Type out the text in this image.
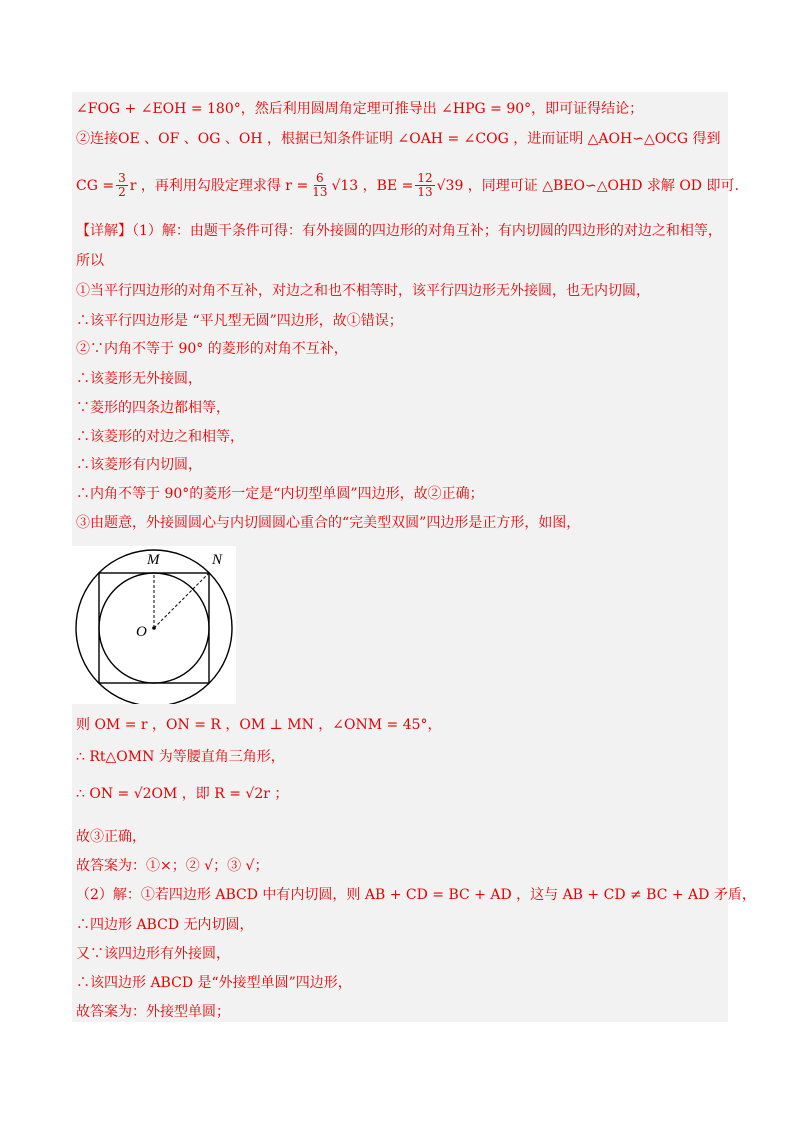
∠FOG + ∠EOH = 180°，然后利用圆周角定理可推导出 ∠HPG = 90°，即可证得结论；
②连接OE 、OF 、OG 、OH ，根据已知条件证明 ∠OAH = ∠COG ，进而证明 △AOH∽△OCG 得到
CG = $\frac{3}{2}$ r ，再利用勾股定理求得 $r = \frac{6}{13} √13$ ，BE = $\frac{12}{13} √39$ ，同理可证 △BEO∽△OHD 求解 OD 即可.
【详解】（1）解：由题干条件可得：有外接圆的四边形的对角互补；有内切圆的四边形的对边之和相等，
所以
①当平行四边形的对角不互补，对边之和也不相等时，该平行四边形无外接圆，也无内切圆，
∴该平行四边形是 “平凡型无圆”四边形，故①错误；
②∵内角不等于 90° 的菱形的对角不互补，
∴该菱形无外接圆，
∵菱形的四条边都相等，
∴该菱形的对边之和相等，
∴该菱形有内切圆，
∴内角不等于 90°的菱形一定是“内切型单圆”四边形，故②正确；
③由题意，外接圆圆心与内切圆圆心重合的“完美型双圆”四边形是正方形，如图，
M	N
O
则 OM = r ，ON = R ，OM ⊥ MN ，∠ONM = 45°，
∴ Rt△OMN 为等腰直角三角形，
∴ ON = √2OM ，即 R = √2r ；
故③正确，
故答案为：①×；② √；③ √；
（2）解：①若四边形 ABCD 中有内切圆，则 AB + CD = BC + AD ，这与 AB + CD ≠ BC + AD 矛盾，
∴四边形 ABCD 无内切圆，
又∵该四边形有外接圆，
∴该四边形 ABCD 是“外接型单圆”四边形，
故答案为：外接型单圆；
